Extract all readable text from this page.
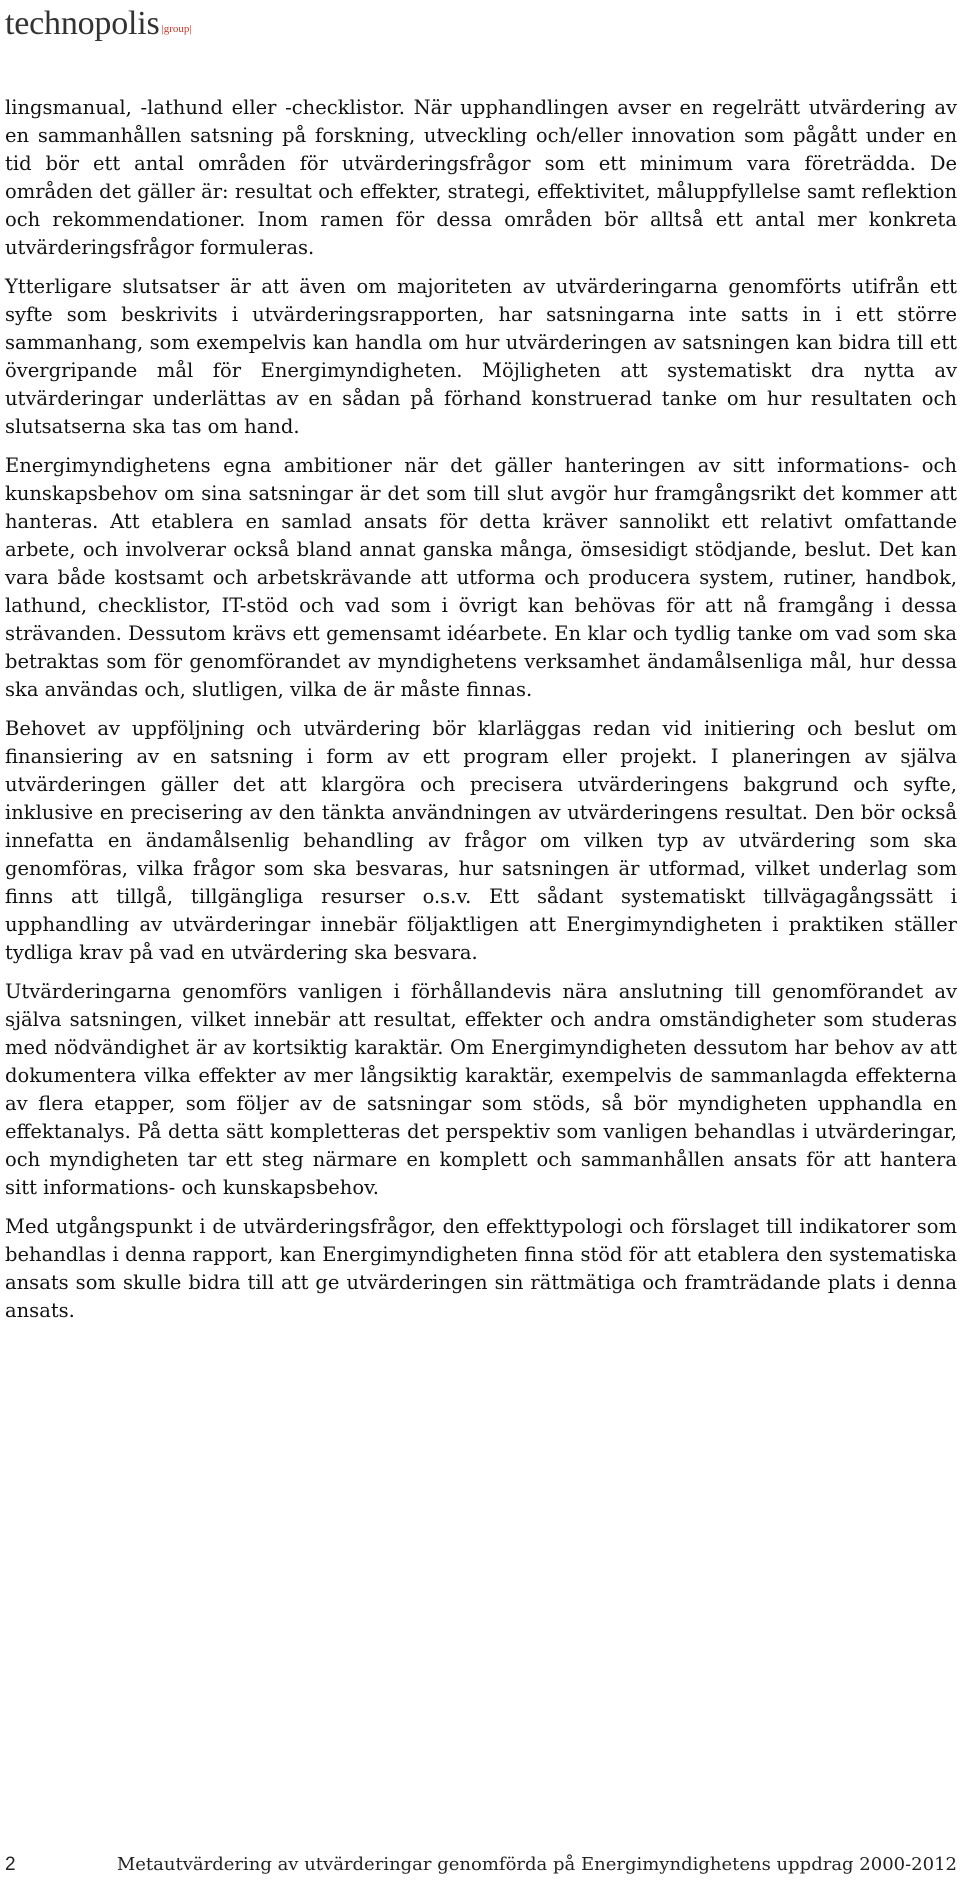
technopolis |group|

lingsmanual, -lathund eller -checklistor. När upphandlingen avser en regelrätt utvärdering av en sammanhållen satsning på forskning, utveckling och/eller innovation som pågått under en tid bör ett antal områden för utvärderingsfrågor som ett minimum vara företrädda. De områden det gäller är: resultat och effekter, strategi, effektivitet, måluppfyllelse samt reflektion och rekommendationer. Inom ramen för dessa områden bör alltså ett antal mer konkreta utvärderingsfrågor formuleras.

Ytterligare slutsatser är att även om majoriteten av utvärderingarna genomförts utifrån ett syfte som beskrivits i utvärderingsrapporten, har satsningarna inte satts in i ett större sammanhang, som exempelvis kan handla om hur utvärderingen av satsningen kan bidra till ett övergripande mål för Energimyndigheten. Möjligheten att systematiskt dra nytta av utvärderingar underlättas av en sådan på förhand konstruerad tanke om hur resultaten och slutsatserna ska tas om hand.

Energimyndighetens egna ambitioner när det gäller hanteringen av sitt informations- och kunskapsbehov om sina satsningar är det som till slut avgör hur framgångsrikt det kommer att hanteras. Att etablera en samlad ansats för detta kräver sannolikt ett relativt omfattande arbete, och involverar också bland annat ganska många, ömsesidigt stödjande, beslut. Det kan vara både kostsamt och arbetskrävande att utforma och producera system, rutiner, handbok, lathund, checklistor, IT-stöd och vad som i övrigt kan behövas för att nå framgång i dessa strävanden. Dessutom krävs ett gemensamt idéarbete. En klar och tydlig tanke om vad som ska betraktas som för genomförandet av myndighetens verksamhet ändamålsenliga mål, hur dessa ska användas och, slutligen, vilka de är måste finnas.

Behovet av uppföljning och utvärdering bör klarläggas redan vid initiering och beslut om finansiering av en satsning i form av ett program eller projekt. I planeringen av själva utvärderingen gäller det att klargöra och precisera utvärderingens bakgrund och syfte, inklusive en precisering av den tänkta användningen av utvärderingens resultat. Den bör också innefatta en ändamålsenlig behandling av frågor om vilken typ av utvärdering som ska genomföras, vilka frågor som ska besvaras, hur satsningen är utformad, vilket underlag som finns att tillgå, tillgängliga resurser o.s.v. Ett sådant systematiskt tillvägagångssätt i upphandling av utvärderingar innebär följaktligen att Energimyndigheten i praktiken ställer tydliga krav på vad en utvärdering ska besvara.

Utvärderingarna genomförs vanligen i förhållandevis nära anslutning till genomförandet av själva satsningen, vilket innebär att resultat, effekter och andra omständigheter som studeras med nödvändighet är av kortsiktig karaktär. Om Energimyndigheten dessutom har behov av att dokumentera vilka effekter av mer långsiktig karaktär, exempelvis de sammanlagda effekterna av flera etapper, som följer av de satsningar som stöds, så bör myndigheten upphandla en effektanalys. På detta sätt kompletteras det perspektiv som vanligen behandlas i utvärderingar, och myndigheten tar ett steg närmare en komplett och sammanhållen ansats för att hantera sitt informations- och kunskapsbehov.

Med utgångspunkt i de utvärderingsfrågor, den effekttypologi och förslaget till indikatorer som behandlas i denna rapport, kan Energimyndigheten finna stöd för att etablera den systematiska ansats som skulle bidra till att ge utvärderingen sin rättmätiga och framträdande plats i denna ansats.

2	Metautvärdering av utvärderingar genomförda på Energimyndighetens uppdrag 2000-2012
